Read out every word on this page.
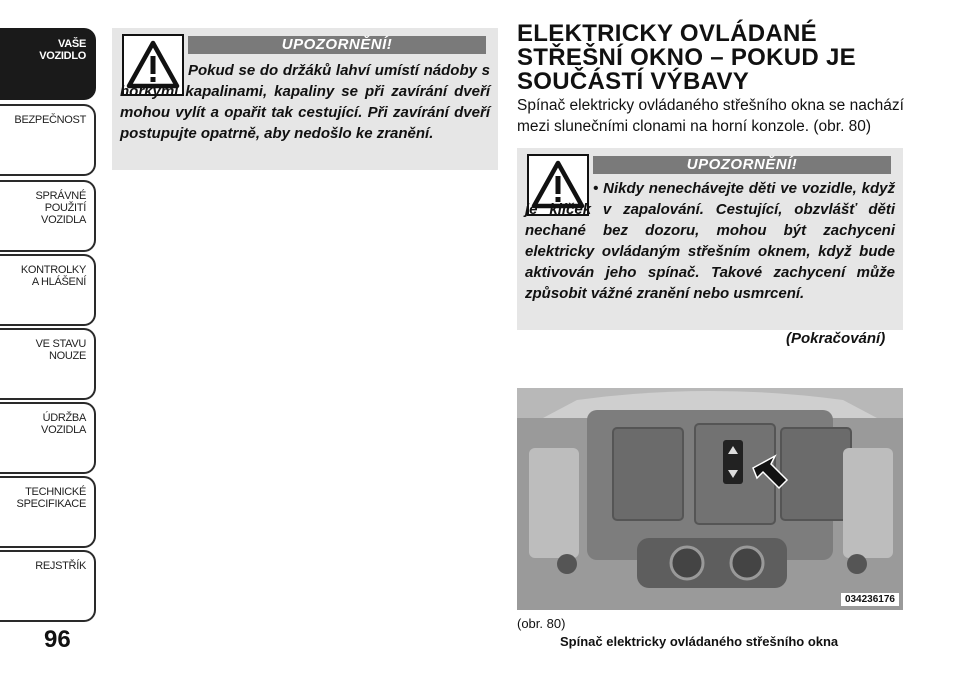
VAŠE
VOZIDLO
BEZPEČNOST
SPRÁVNÉ
POUŽITÍ
VOZIDLA
KONTROLKY
A HLÁŠENÍ
VE STAVU
NOUZE
ÚDRŽBA
VOZIDLA
TECHNICKÉ
SPECIFIKACE
REJSTŘÍK
96
UPOZORNĚNÍ!
Pokud se do držáků lahví umístí nádoby s horkými kapalinami, kapaliny se při zavírání dveří mohou vylít a opařit tak cestující. Při zavírání dveří postupujte opatrně, aby nedošlo ke zranění.
ELEKTRICKY OVLÁDANÉ STŘEŠNÍ OKNO – POKUD JE SOUČÁSTÍ VÝBAVY
Spínač elektricky ovládaného střešního okna se nachází mezi slunečními clonami na horní konzole. (obr. 80)
UPOZORNĚNÍ!
• Nikdy nenechávejte děti ve vozidle, když je klíček v zapalování. Cestující, obzvlášť děti nechané bez dozoru, mohou být zachyceni elektricky ovládaným střešním oknem, když bude aktivován jeho spínač. Takové zachycení může způsobit vážné zranění nebo usmrcení.
(Pokračování)
034236176
(obr. 80)
Spínač elektricky ovládaného střešního okna
